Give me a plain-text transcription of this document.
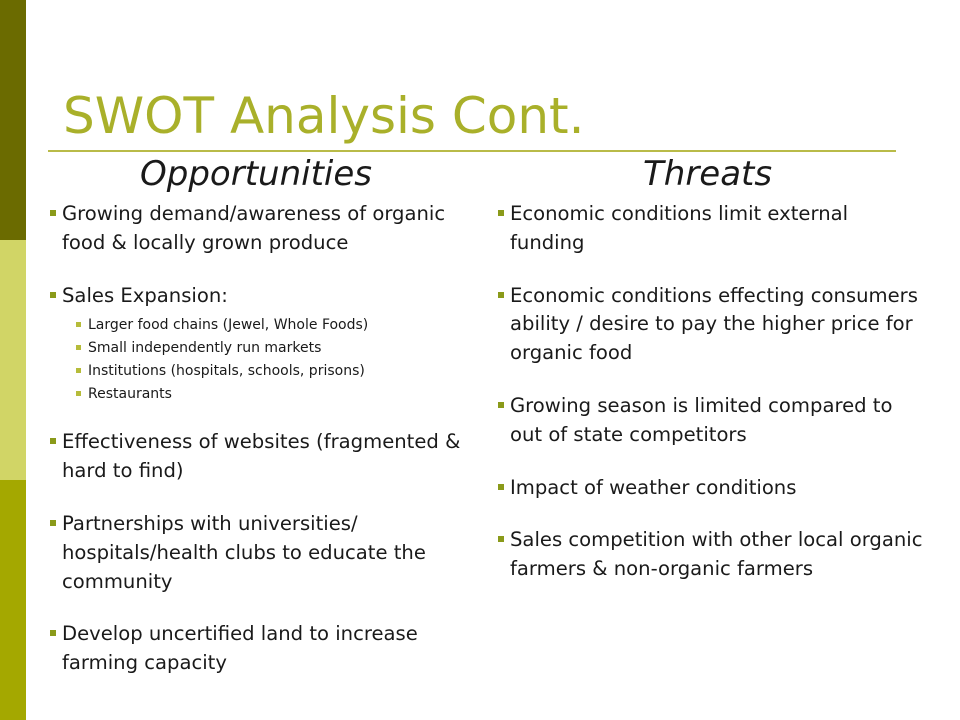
SWOT Analysis Cont.
Opportunities	Threats
Growing demand/awareness of organic food & locally grown produce
Sales Expansion:
Larger food chains (Jewel, Whole Foods)
Small independently run markets
Institutions (hospitals, schools, prisons)
Restaurants
Effectiveness of websites (fragmented & hard to find)
Partnerships with universities/ hospitals/health clubs to educate the community
Develop uncertified land to increase farming capacity
Economic conditions limit external funding
Economic conditions effecting consumers ability / desire to pay the higher price for organic food
Growing season is limited compared to out of state competitors
Impact of weather conditions
Sales competition with other local organic farmers & non-organic farmers
